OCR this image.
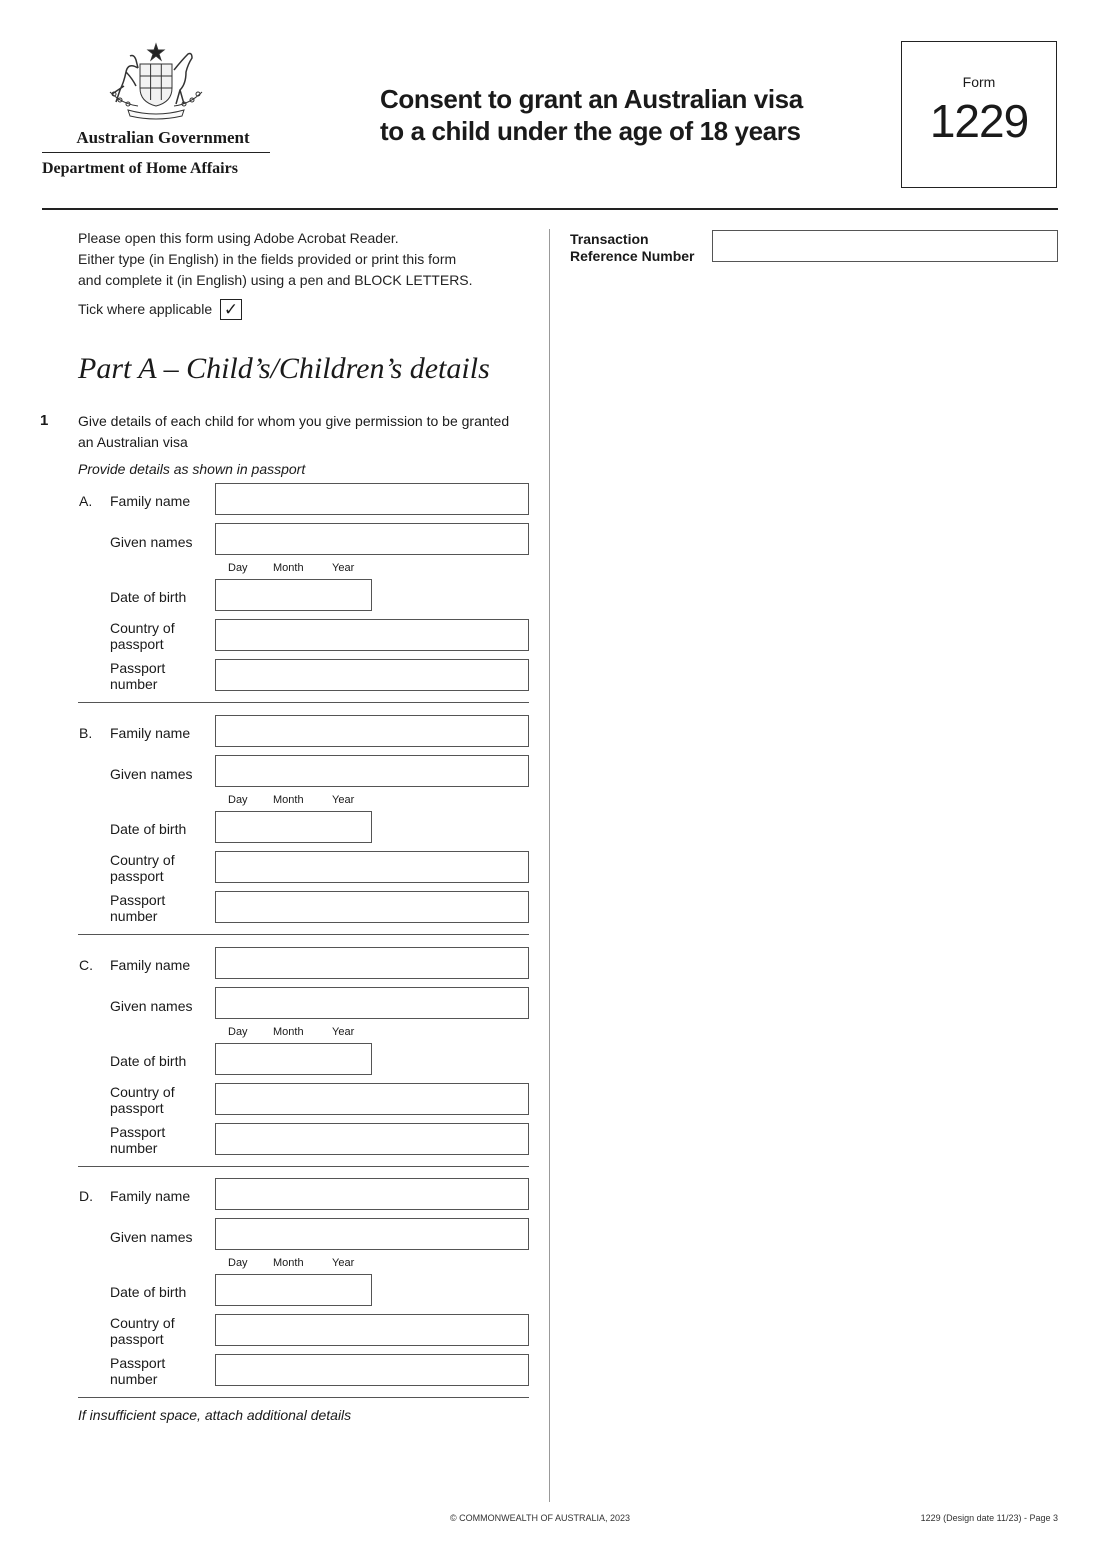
Australian Government
Department of Home Affairs
Consent to grant an Australian visa
to a child under the age of 18 years
Form
1229
Transaction
Reference Number
Please open this form using Adobe Acrobat Reader.
Either type (in English) in the fields provided or print this form
and complete it (in English) using a pen and BLOCK LETTERS.
Tick where applicable ✓
Part A – Child’s/Children’s details
1 Give details of each child for whom you give permission to be granted
an Australian visa
Provide details as shown in passport
A. Family name
Given names
Day Month	Year
Date of birth
Country of
passport
Passport
number
B. Family name
Given names
Day Month	Year
Date of birth
Country of
passport
Passport
number
C. Family name
Given names
Day Month	Year
Date of birth
Country of
passport
Passport
number
D. Family name
Given names
Day Month	Year
Date of birth
Country of
passport
Passport
number
If insufficient space, attach additional details
© COMMONWEALTH OF AUSTRALIA, 2023	1229 (Design date 11/23) - Page 3
